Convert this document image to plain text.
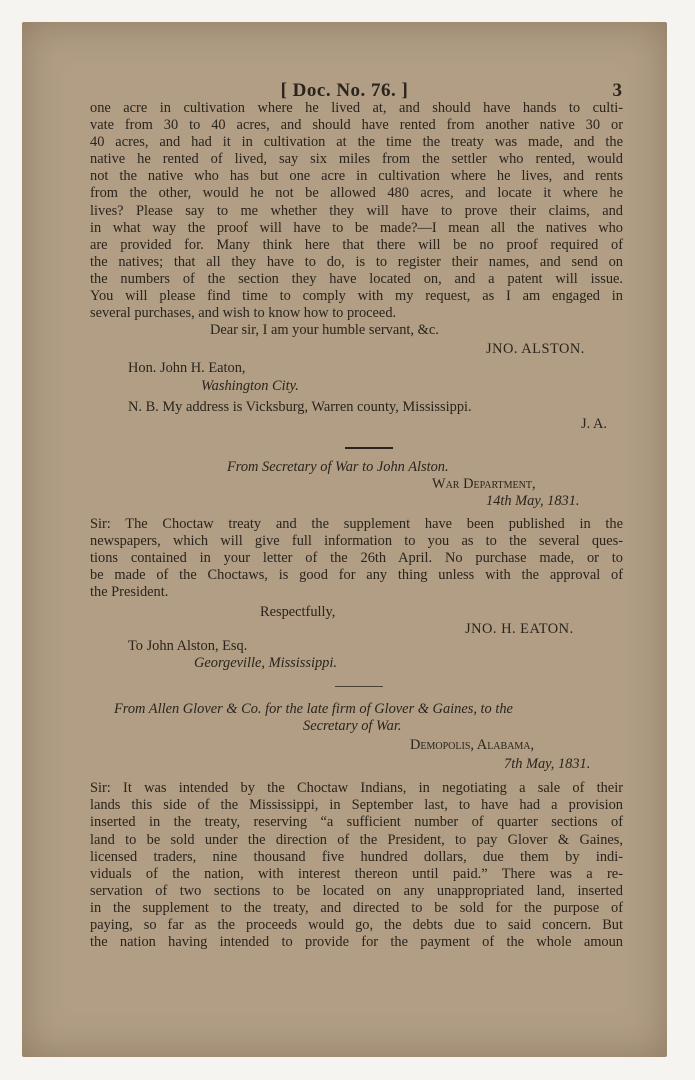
[ Doc. No. 76. ]	3
one acre in cultivation where he lived at, and should have hands to culti-
vate from 30 to 40 acres, and should have rented from another native 30 or
40 acres, and had it in cultivation at the time the treaty was made, and the
native he rented of lived, say six miles from the settler who rented, would
not the native who has but one acre in cultivation where he lives, and rents
from the other, would he not be allowed 480 acres, and locate it where he
lives? Please say to me whether they will have to prove their claims, and
in what way the proof will have to be made?—I mean all the natives who
are provided for. Many think here that there will be no proof required of
the natives; that all they have to do, is to register their names, and send on
the numbers of the section they have located on, and a patent will issue.
You will please find time to comply with my request, as I am engaged in
several purchases, and wish to know how to proceed.
Dear sir, I am your humble servant, &c.
JNO. ALSTON.
Hon. John H. Eaton,
Washington City.
N. B. My address is Vicksburg, Warren county, Mississippi.
J. A.
From Secretary of War to John Alston.
War Department,
14th May, 1831.
Sir: The Choctaw treaty and the supplement have been published in the
newspapers, which will give full information to you as to the several ques-
tions contained in your letter of the 26th April. No purchase made, or to
be made of the Choctaws, is good for any thing unless with the approval of
the President.
Respectfully,
JNO. H. EATON.
To John Alston, Esq.
Georgeville, Mississippi.
From Allen Glover & Co. for the late firm of Glover & Gaines, to the
Secretary of War.
Demopolis, Alabama,
7th May, 1831.
Sir: It was intended by the Choctaw Indians, in negotiating a sale of their
lands this side of the Mississippi, in September last, to have had a provision
inserted in the treaty, reserving “a sufficient number of quarter sections of
land to be sold under the direction of the President, to pay Glover & Gaines,
licensed traders, nine thousand five hundred dollars, due them by indi-
viduals of the nation, with interest thereon until paid.” There was a re-
servation of two sections to be located on any unappropriated land, inserted
in the supplement to the treaty, and directed to be sold for the purpose of
paying, so far as the proceeds would go, the debts due to said concern. But
the nation having intended to provide for the payment of the whole amoun
